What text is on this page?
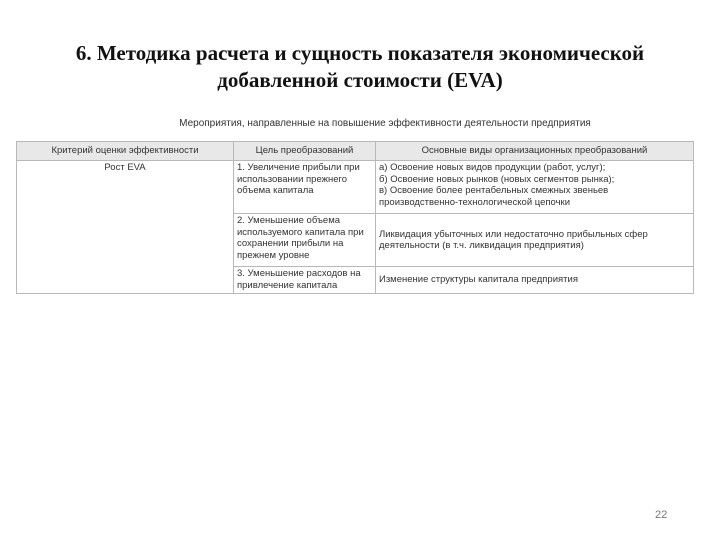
6. Методика расчета и сущность показателя экономической
добавленной стоимости (EVA)
Мероприятия, направленные на повышение эффективности деятельности предприятия
Критерий оценки эффективности	Цель преобразований	Основные виды организационных преобразований
Рост EVA	1. Увеличение прибыли при использовании прежнего объема капитала	а) Освоение новых видов продукции (работ, услуг);
б) Освоение новых рынков (новых сегментов рынка);
в) Освоение более рентабельных смежных звеньев производственно-технологической цепочки

	2. Уменьшение объема используемого капитала при сохранении прибыли на прежнем уровне	Ликвидация убыточных или недостаточно прибыльных сфер деятельности (в т.ч. ликвидация предприятия)

	3. Уменьшение расходов на привлечение капитала	Изменение структуры капитала предприятия
22
